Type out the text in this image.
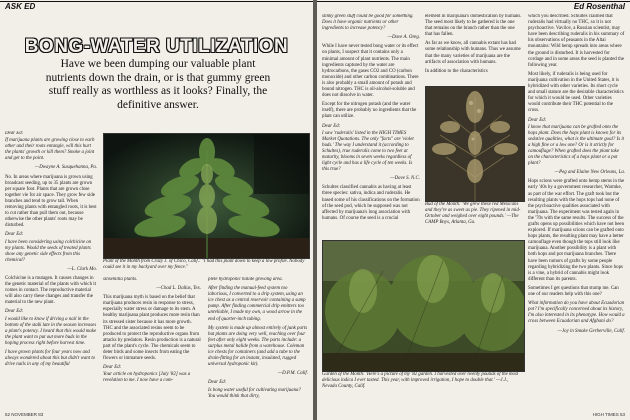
ASK ED
BONG-WATER UTILIZATION
Have we been dumping our valuable plant nutrients down the drain, or is that gummy green stuff really as worthless as it looks? Finally, the definitive answer.

Dear Ed:

If marijuana plants are growing close to each other and their roots entangle, will this hurt the plants' growth or kill them? Smoke a joint and get to the point.

—Dwayne A. Susquehanna, Pa.

No. In areas where marijuana is grown using broadcast seeding, up to 35 plants are grown per square foot. Plants that are grown close together vie for air space. They grow few side branches and tend to grow tall. When removing plants with entangled roots, it is best to cut rather than pull them out, because otherwise the other plants' roots may be disturbed.

Dear Ed:

I have been considering using colchicine on my plants. Would the seeds of treated plants show any genetic side effects from this chemical?

—L. Clark Mo.

Colchicine is a mutagen. It causes changes in the genetic material of the plants with which it comes in contact. The reproductive material will also carry these changes and transfer the material to the new plant.

Dear Ed:

I would like to know if driving a nail in the bottom of the stalk late in the season increases a plant's potency. I heard that this would make the plant want to put out more buds in the hoping process right before harvest time.

I have grown plants for four years now and always wondered about this but didn't want to drive nails in any of my beautiful

Plant of the Month from Crazy J. of Chico, Calif.: "I had this plant down to keep a low profile. Nobody could see it in my backyard over my fence."

sinsemilla plants.

—Chad L. Dallas, Tex.

This marijuana myth is based on the belief that marijuana produces resin in response to stress, especially water stress or damage to its stem. A healthy marijuana plant produces more resin than its stressed sister because it has more growth. THC and the associated resins seem to be produced to protect the reproductive organs from attacks by predators. Resin production is a natural part of the plant's cycle. The chemicals seem to deter birds and some insects from eating the flowers or immature seeds.

Dear Ed:

Your article on hydroponics [July '82] was a revelation to me. I now have a com-

plete hydroponic halide growing area.

After finding the manual-feed system too laborious, I converted to a drip system, using an ice chest as a central reservoir containing a sump pump. After finding commercial drip emitters too unreliable, I made my own, a wood arrow in the end of quarter-inch tubing.

My system is made up almost entirely of junk parts but plants are doing very well, reaching over four feet after only eight weeks. The parts include: a surplus metal halide from a warehouse. Coleman ice chests for containers (and add a tube to the drain-fitting for an instant, insulated, rugged universal hydroponic kit).

—D.P.M. Calif.

Dear Ed:

Is bong water useful for cultivating marijuana? You would think that dirty,

52 NOVEMBER 83
Ed Rosenthal

stinky green stuff could be good for something. Does it have organic nutrients or other ingredients to increase potency?

—Dave A. Oreg.

While I have never tested bong water or its effect on plants, I suspect that it contains only a minimal amount of plant nutrients. The main ingredients captured by the water are hydrocarbons, the gases CO2 and CO (carbon monoxide) and other carbon combinations. There is also probably a small amount of potash and bound nitrogen. THC is oil-alcohol-soluble and does not dissolve in water.

Except for the nitrogen potash (and the water itself), there are probably no ingredients that the plant can utilize.

Dear Ed:

I saw 'ruderalis' listed in the HIGH TIMES Market Quotations. The only "facts" are 'violet buds.' The way I understand it (according to Schultes), true ruderalis come to two feet at maturity, blooms in seven weeks regardless of light cycle and has a life cycle of ten weeks. Is this true?

—Dave S. N.C.

Schultes classified cannabis as having at least three species: sativa, indica and ruderalis. He based some of his classifications on the formation of the seed pod, which he supposed was not affected by marijuana's long association with humans. Of course the seed is a crucial

element in marijuana's domestication by humans. The seed most likely to be gathered is the one that remains on the branch rather than the one that has fallen.

As far as we know, all cannabis extant has had some relationship with humans. Thus we assume that the many varieties of marijuana are the artifacts of association with humans.

In addition to the characteristics

Bud of the Month: 'We grew these red Mexicans and they're as sweet as pie. They ripened in mid-October and weighed over eight pounds.' —The CAMP Boys, Atlanta, Ga.
Garden of the Month: 'Here's a picture of my '82 garden. I harvested over twenty pounds of the most delicious indica I ever tasted. This year, with improved irrigation, I hope to double that.' —J.J., Nevada County, Calif.

which you described. Schultes claimed that ruderalis had virtually no THC, so it is not psychoactive. Vavilov, a Russian scientist, may have been describing ruderalis in his summary of his observations of peasants in the Altai mountains: Wild hemp spreads into areas where the ground is disturbed. It is harvested for cordage and in some areas the seed is planted the following year.

Most likely, if ruderalis is being used for marijuana cultivation in the United States, it is hybridized with other varieties. Its short cycle and small stature are the desirable characteristics for which it would be used. Other varieties would contribute their THC potential to the cross.

Dear Ed:

I know that marijuana can be grafted onto the hops plant. Does the hops plant is known for its sedative qualities, what is the ultimate goal? Is it a high fine or a low one? Or is it strictly for camouflage? When grafted does the plant take on the characteristics of a hops plant or a pot plant?

—Peg and Elaine New Orleans, La.

Hops scions were grafted onto hemp stems in the early '40s by a government researcher, Warmke, as part of the war effort. The graft took but the resulting plants with the hops tops had none of the psychoactive qualities associated with marijuana. The experiment was tested again in the '70s with the same results. The success of the grafts opens up possibilities which have not been explored. If marijuana scions can be grafted onto hops plants, the resulting plant may have a better camouflage even though the tops still look like marijuana. Another possibility is a plant with both hops and pot marijuana branches. There have been rumors of grafts by some people regarding hybridizing the two plants. Since hops is a vine, a hybrid of cannabis might look different than its parents.

Sometimes I get questions that stump me. Can one of our readers help with this one?

What information do you have about Ecuadorian pot? I'm specifically concerned about its history, I'm also interested in its phenotype. How would a cross between Ecuadorian and Afghani do?

—Joy in Smoke Gerberville, Calif.

HIGH TIMES 53
